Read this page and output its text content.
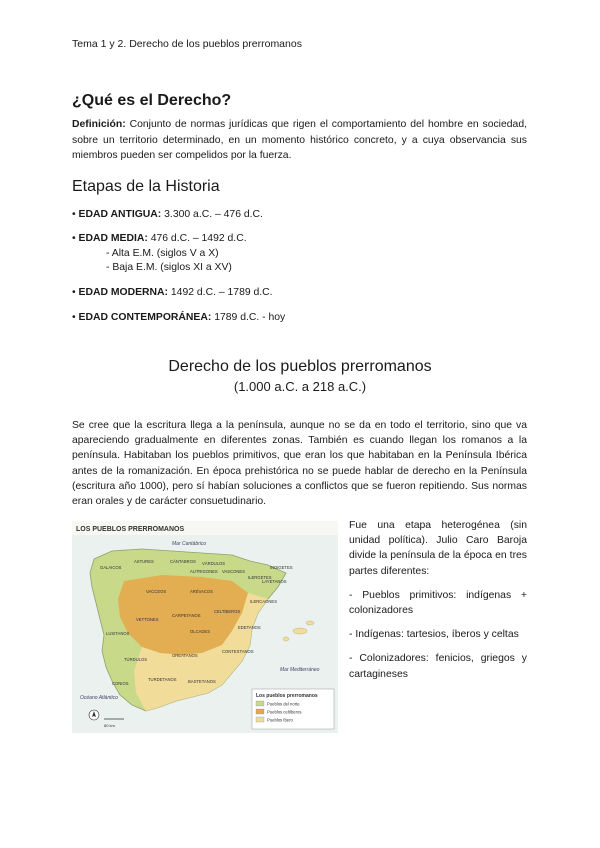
Tema 1 y 2. Derecho de los pueblos prerromanos
¿Qué es el Derecho?
Definición: Conjunto de normas jurídicas que rigen el comportamiento del hombre en sociedad, sobre un territorio determinado, en un momento histórico concreto, y a cuya observancia sus miembros pueden ser compelidos por la fuerza.
Etapas de la Historia
• EDAD ANTIGUA: 3.300 a.C. – 476 d.C.
• EDAD MEDIA: 476 d.C. – 1492 d.C.
- Alta E.M. (siglos V a X)
- Baja E.M. (siglos XI a XV)
• EDAD MODERNA: 1492 d.C. – 1789 d.C.
• EDAD CONTEMPORÁNEA: 1789 d.C. - hoy
Derecho de los pueblos prerromanos
(1.000 a.C. a 218 a.C.)
Se cree que la escritura llega a la península, aunque no se da en todo el territorio, sino que va apareciendo gradualmente en diferentes zonas. También es cuando llegan los romanos a la península. Habitaban los pueblos primitivos, que eran los que habitaban en la Península Ibérica antes de la romanización. En época prehistórica no se puede hablar de derecho en la Península (escritura año 1000), pero sí habían soluciones a conflictos que se fueron repitiendo. Sus normas eran orales y de carácter consuetudinario.
LOS PUEBLOS PRERROMANOS
Mar Cantábrico
Mar Mediterráneo
Océano Atlántico
GALAICOS
ASTURES	CÁNTABROS VÁRDULOS
VASCONES
AUTRIGONES
ILERGETES
INDIGETES
LAYETANOS
VACCEOS	ARÉVACOS
CELTÍBEROS
VETTONES
CARPETANOS
LUSITANOS	OLCADES
EDETANOS
CONTESTANOS
OREATANOS
TURDETANOS	BASTETANOS
TÚRDULOS
ILERCAONES
CONIOS
80 km
Los pueblos prerromanos
Pueblos del norte
Pueblos celtíberos
Pueblos íbero

Fue una etapa heterogénea (sin unidad política). Julio Caro Baroja divide la península de la época en tres partes diferentes:

- Pueblos primitivos: indígenas + colonizadores

- Indígenas: tartesios, íberos y celtas

- Colonizadores: fenicios, griegos y cartagineses
